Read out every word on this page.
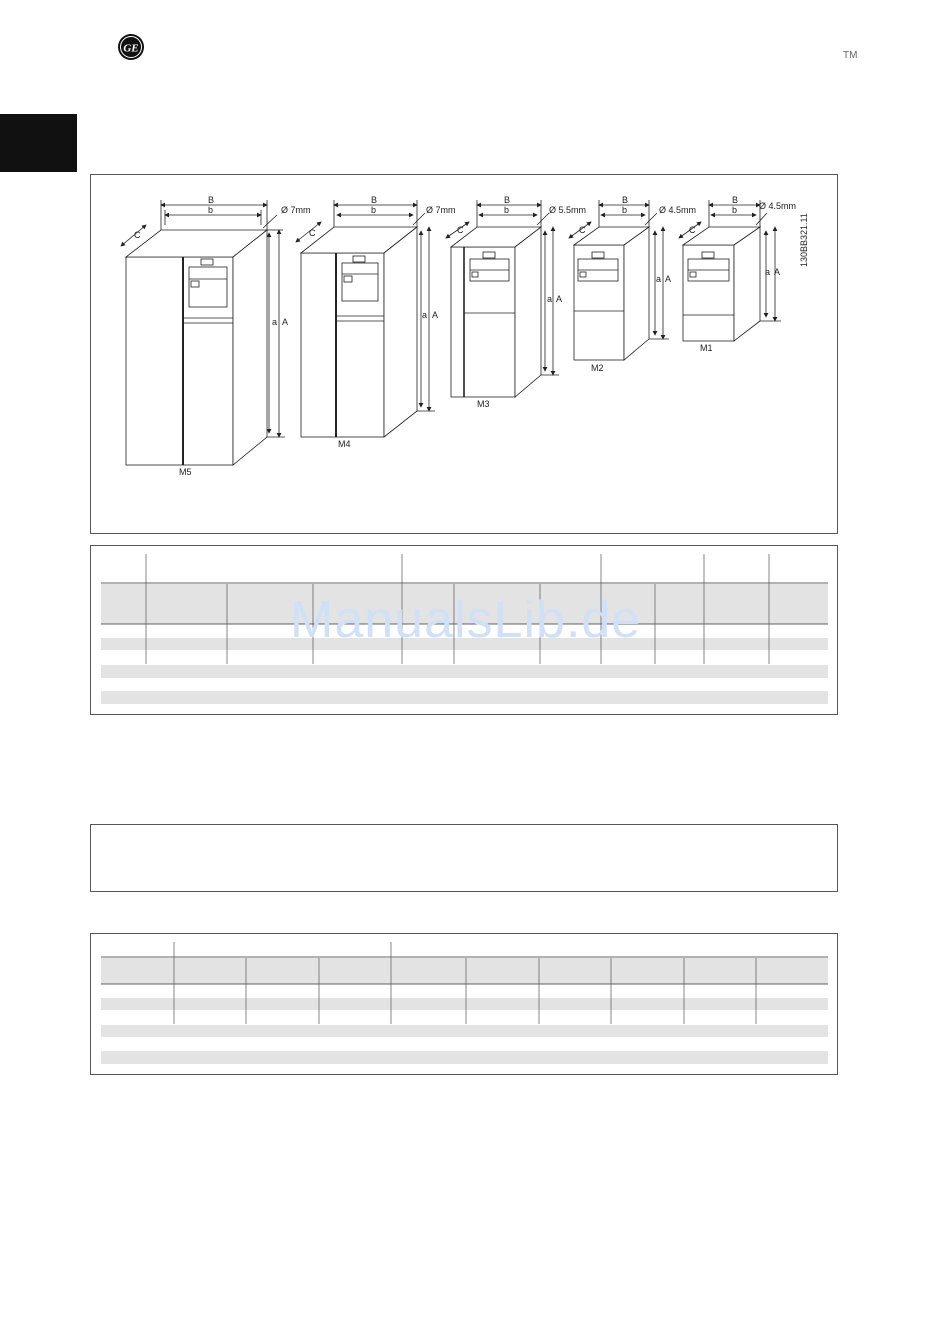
GE
TM
B
b
C
a A
Ø 7mm
M5
B
b
C
a A
Ø 7mm
M4
B
b
C
a A
Ø 5.5mm
M3
B
b
C
a A
Ø 4.5mm
M2
B
b
C
a A
Ø 4.5mm
M1
130BB321.11
ManualsLib.de
